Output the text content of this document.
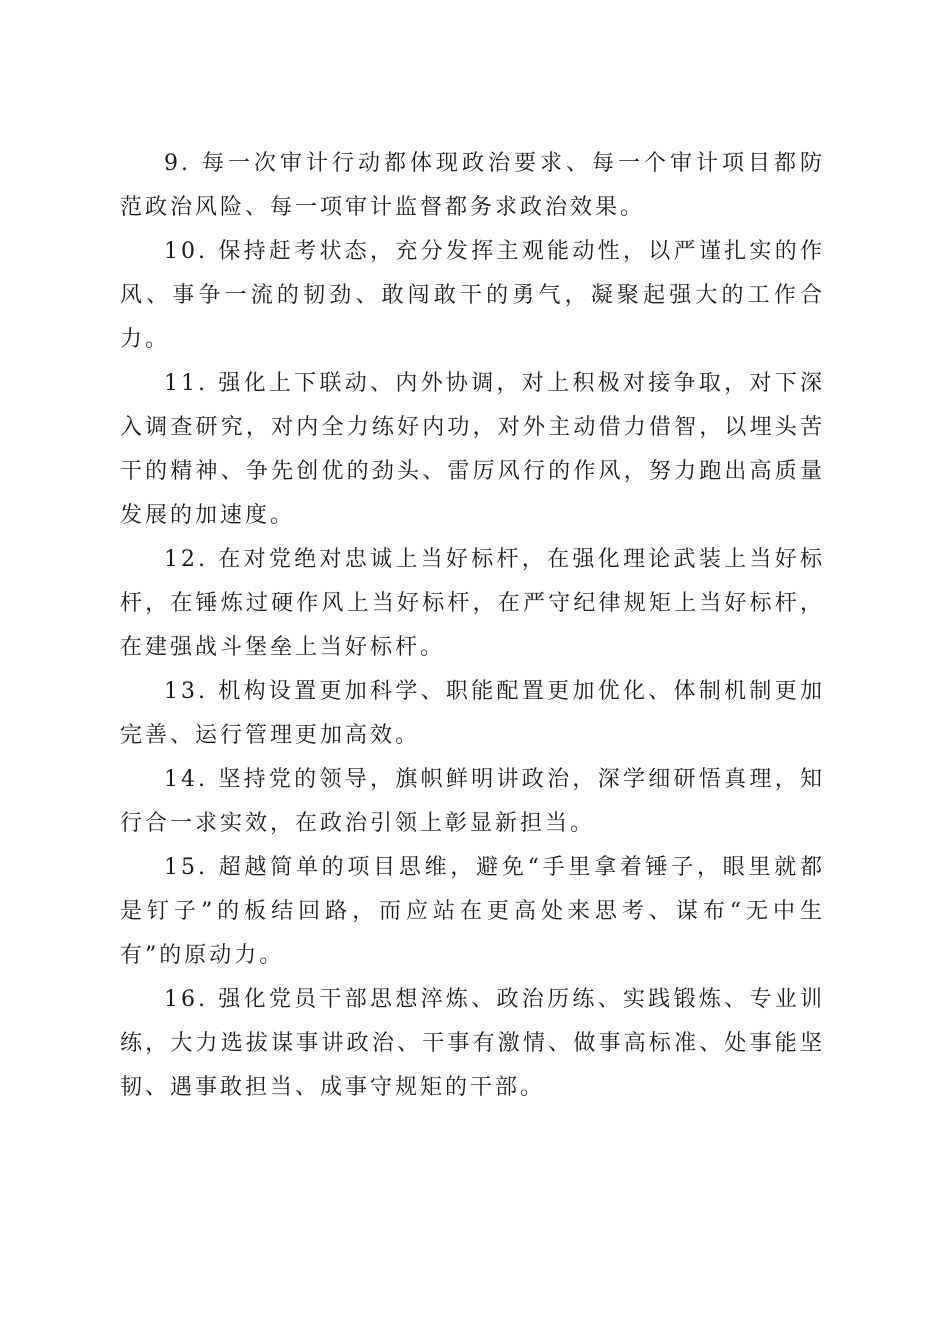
9. 每一次审计行动都体现政治要求、每一个审计项目都防范政治风险、每一项审计监督都务求政治效果。

10. 保持赶考状态，充分发挥主观能动性，以严谨扎实的作风、事争一流的韧劲、敢闯敢干的勇气，凝聚起强大的工作合力。

11. 强化上下联动、内外协调，对上积极对接争取，对下深入调查研究，对内全力练好内功，对外主动借力借智，以埋头苦干的精神、争先创优的劲头、雷厉风行的作风，努力跑出高质量发展的加速度。

12. 在对党绝对忠诚上当好标杆，在强化理论武装上当好标杆，在锤炼过硬作风上当好标杆，在严守纪律规矩上当好标杆，在建强战斗堡垒上当好标杆。

13. 机构设置更加科学、职能配置更加优化、体制机制更加完善、运行管理更加高效。

14. 坚持党的领导，旗帜鲜明讲政治，深学细研悟真理，知行合一求实效，在政治引领上彰显新担当。

15. 超越简单的项目思维，避免“手里拿着锤子，眼里就都是钉子”的板结回路，而应站在更高处来思考、谋布“无中生有”的原动力。

16. 强化党员干部思想淬炼、政治历练、实践锻炼、专业训练，大力选拔谋事讲政治、干事有激情、做事高标准、处事能坚韧、遇事敢担当、成事守规矩的干部。
